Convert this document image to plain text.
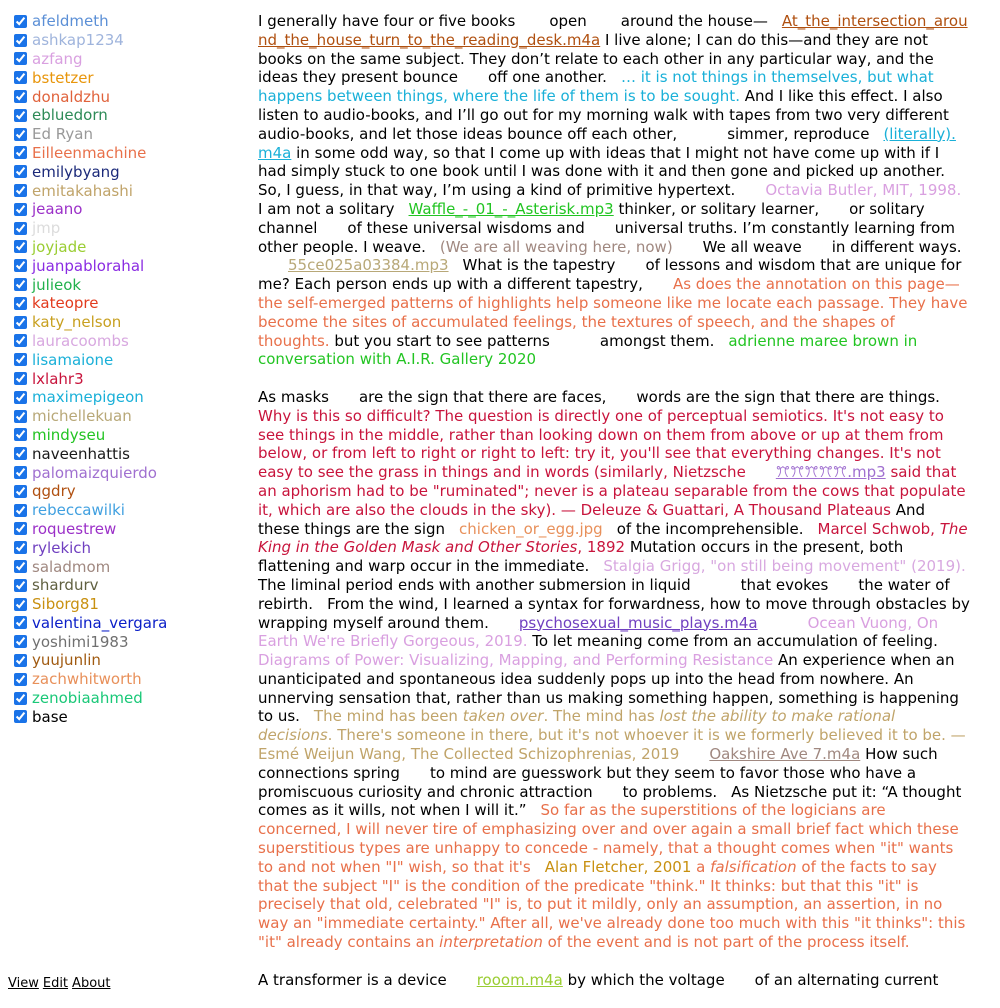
afeldmeth
ashkap1234
azfang
bstetzer
donaldzhu
ebluedorn
Ed Ryan
Eilleenmachine
emilybyang
emitakahashi
jeaano
jmp
joyjade
juanpablorahal
julieok
kateopre
katy_nelson
lauracoombs
lisamaione
lxlahr3
maximepigeon
michellekuan
mindyseu
naveenhattis
palomaizquierdo
qgdry
rebeccawilki
roquestrew
rylekich
saladmom
shardurv
Siborg81
valentina_vergara
yoshimi1983
yuujunlin
zachwhitworth
zenobiaahmed
base
View Edit About

I generally have four or five books open around the house— At_the_intersection_around_the_house_turn_to_the_reading_desk.m4a I live alone; I can do this—and they are not books on the same subject. They don’t relate to each other in any particular way, and the ideas they present bounce off one another. … it is not things in themselves, but what happens between things, where the life of them is to be sought. And I like this effect. I also listen to audio-books, and I’ll go out for my morning walk with tapes from two very different audio-books, and let those ideas bounce off each other,	simmer, reproduce (literally).m4a in some odd way, so that I come up with ideas that I might not have come up with if I had simply stuck to one book until I was done with it and then gone and picked up another. So, I guess, in that way, I’m using a kind of primitive hypertext. Octavia Butler, MIT, 1998. I am not a solitary Waffle_-_01_-_Asterisk.mp3 thinker, or solitary learner, or solitary channel of these universal wisdoms and universal truths. I’m constantly learning from other people. I weave. (We are all weaving here, now) We all weave in different ways.55ce025a03384.mp3 What is the tapestry of lessons and wisdom that are unique for me? Each person ends up with a different tapestry, As does the annotation on this page—the self-emerged patterns of highlights help someone like me locate each passage. They have become the sites of accumulated feelings, the textures of speech, and the shapes of thoughts. but you start to see patterns	amongst them. adrienne maree brown in conversation with A.I.R. Gallery 2020

As masks are the sign that there are faces, words are the sign that there are things. Why is this so difficult? The question is directly one of perceptual semiotics. It's not easy to see things in the middle, rather than looking down on them from above or up at them from below, or from left to right or right to left: try it, you'll see that everything changes. It's not easy to see the grass in things and in words (similarly, Nietzsche ꔫꔫꔫꔫꔫ.mp3 said that an aphorism had to be "ruminated"; never is a plateau separable from the cows that populate it, which are also the clouds in the sky). — Deleuze & Guattari, A Thousand Plateaus And these things are the sign chicken_or_egg.jpg of the incomprehensible. Marcel Schwob, The King in the Golden Mask and Other Stories, 1892 Mutation occurs in the present, both flattening and warp occur in the immediate. Stalgia Grigg, "on still being movement" (2019). The liminal period ends with another submersion in liquid	that evokes the water of rebirth. From the wind, I learned a syntax for forwardness, how to move through obstacles by wrapping myself around them. psychosexual_music_plays.m4a	Ocean Vuong, On Earth We're Briefly Gorgeous, 2019. To let meaning come from an accumulation of feeling.Diagrams of Power: Visualizing, Mapping, and Performing Resistance An experience when an unanticipated and spontaneous idea suddenly pops up into the head from nowhere. An unnerving sensation that, rather than us making something happen, something is happening to us. The mind has been taken over. The mind has lost the ability to make rational decisions. There's someone in there, but it's not whoever it is we formerly believed it to be. — Esmé Weijun Wang, The Collected Schizophrenias, 2019 Oakshire Ave 7.m4a How such connections spring to mind are guesswork but they seem to favor those who have a promiscuous curiosity and chronic attraction to problems. As Nietzsche put it: “A thought comes as it wills, not when I will it.” So far as the superstitions of the logicians are concerned, I will never tire of emphasizing over and over again a small brief fact which these superstitious types are unhappy to concede - namely, that a thought comes when "it" wants to and not when "I" wish, so that it's Alan Fletcher, 2001 a falsification of the facts to say that the subject "I" is the condition of the predicate "think." It thinks: but that this "it" is precisely that old, celebrated "I" is, to put it mildly, only an assumption, an assertion, in no way an "immediate certainty." After all, we've already done too much with this "it thinks": this "it" already contains an interpretation of the event and is not part of the process itself.

A transformer is a device rooom.m4a by which the voltage of an alternating current
